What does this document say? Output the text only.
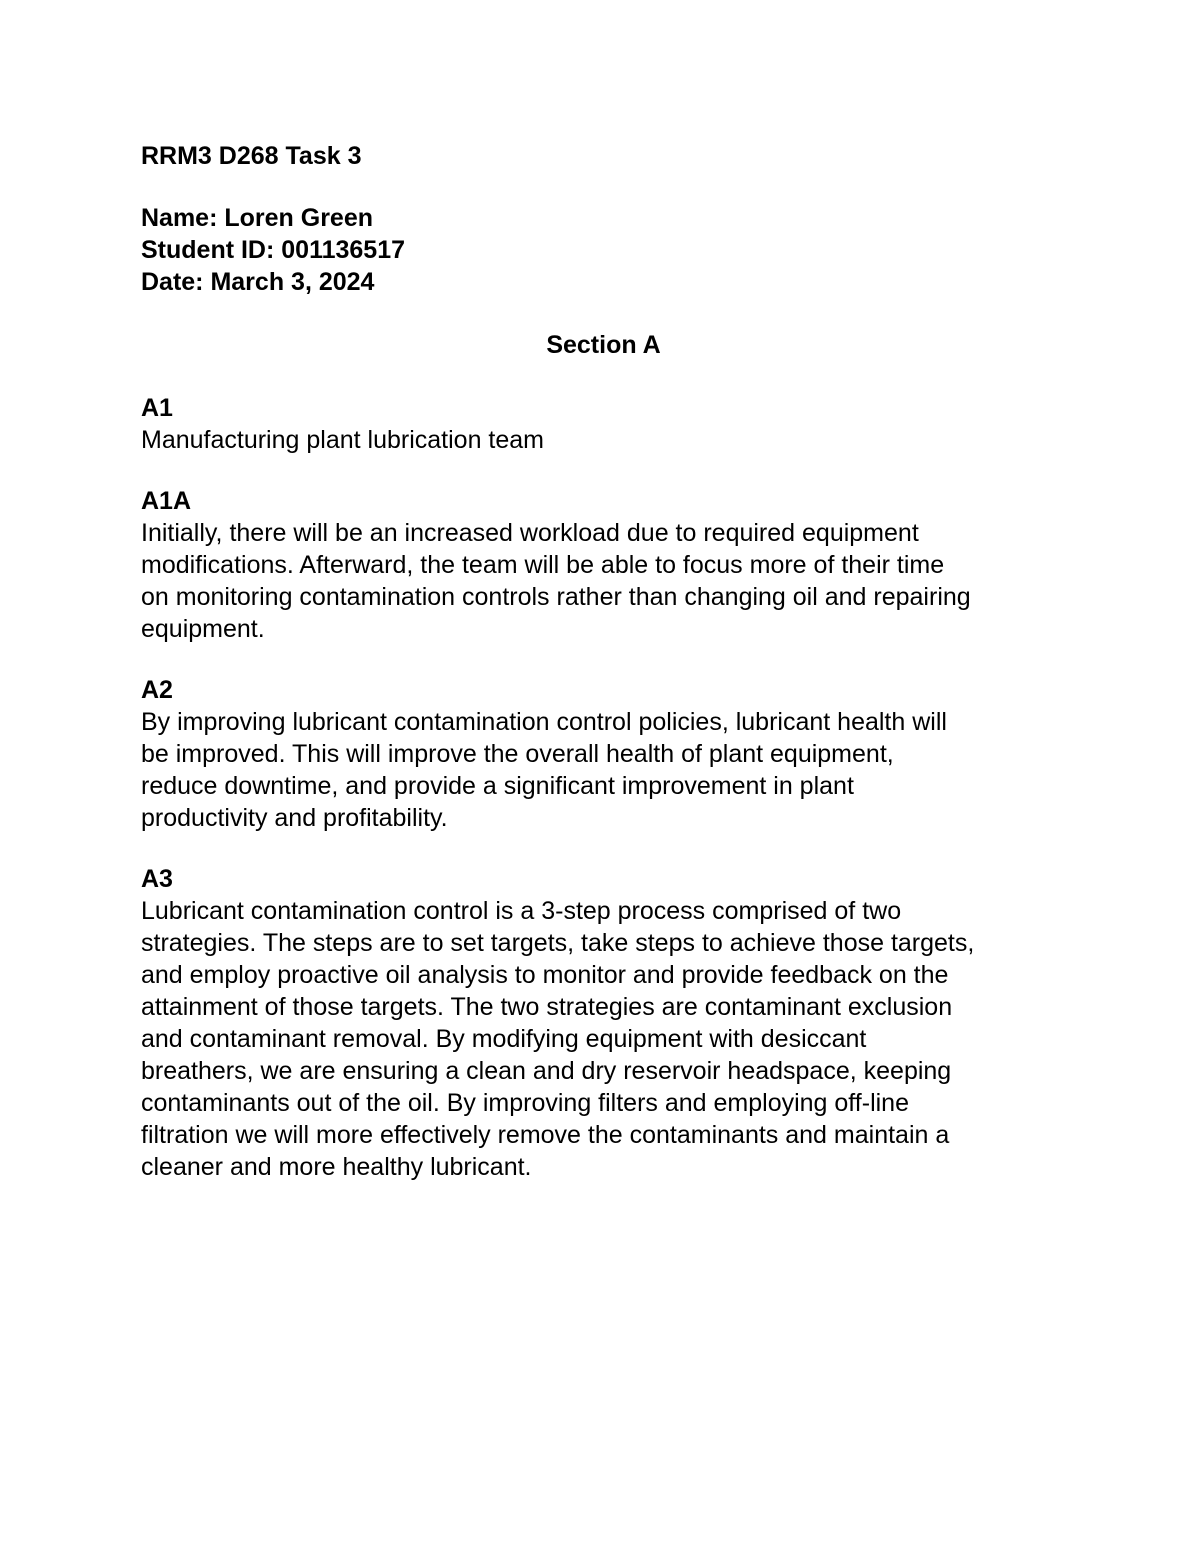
RRM3 D268 Task 3
Name: Loren Green
Student ID: 001136517
Date: March 3, 2024
Section A
A1
Manufacturing plant lubrication team
A1A
Initially, there will be an increased workload due to required equipment
modifications. Afterward, the team will be able to focus more of their time
on monitoring contamination controls rather than changing oil and repairing
equipment.
A2
By improving lubricant contamination control policies, lubricant health will
be improved. This will improve the overall health of plant equipment,
reduce downtime, and provide a significant improvement in plant
productivity and profitability.
A3
Lubricant contamination control is a 3-step process comprised of two
strategies. The steps are to set targets, take steps to achieve those targets,
and employ proactive oil analysis to monitor and provide feedback on the
attainment of those targets. The two strategies are contaminant exclusion
and contaminant removal. By modifying equipment with desiccant
breathers, we are ensuring a clean and dry reservoir headspace, keeping
contaminants out of the oil. By improving filters and employing off-line
filtration we will more effectively remove the contaminants and maintain a
cleaner and more healthy lubricant.
